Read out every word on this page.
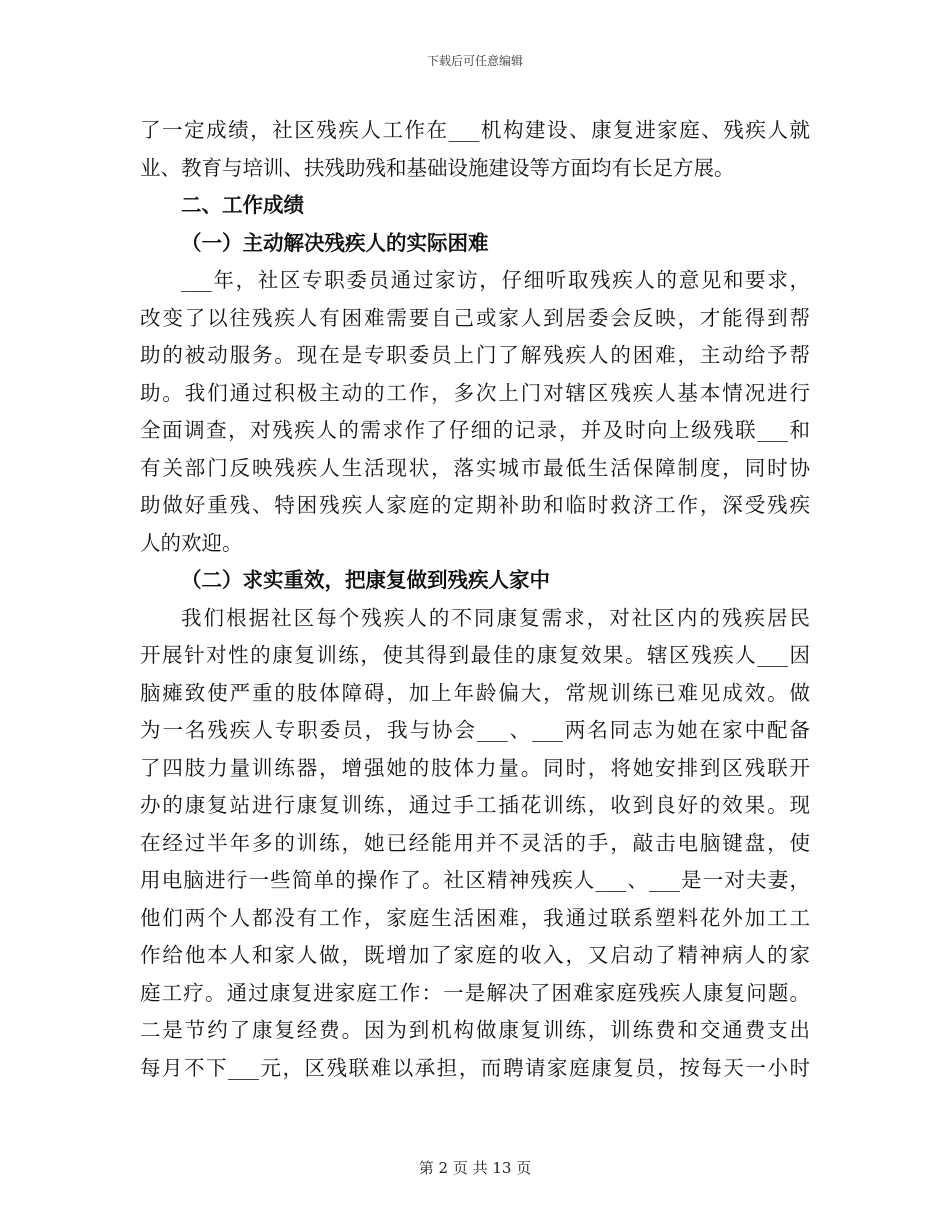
下载后可任意编辑
了一定成绩，社区残疾人工作在___机构建设、康复进家庭、残疾人就
业、教育与培训、扶残助残和基础设施建设等方面均有长足方展。
二、工作成绩
（一）主动解决残疾人的实际困难
___年，社区专职委员通过家访，仔细听取残疾人的意见和要求，
改变了以往残疾人有困难需要自己或家人到居委会反映，才能得到帮
助的被动服务。现在是专职委员上门了解残疾人的困难，主动给予帮
助。我们通过积极主动的工作，多次上门对辖区残疾人基本情况进行
全面调查，对残疾人的需求作了仔细的记录，并及时向上级残联___和
有关部门反映残疾人生活现状，落实城市最低生活保障制度，同时协
助做好重残、特困残疾人家庭的定期补助和临时救济工作，深受残疾
人的欢迎。
（二）求实重效，把康复做到残疾人家中
我们根据社区每个残疾人的不同康复需求，对社区内的残疾居民
开展针对性的康复训练，使其得到最佳的康复效果。辖区残疾人___因
脑瘫致使严重的肢体障碍，加上年龄偏大，常规训练已难见成效。做
为一名残疾人专职委员，我与协会___、___两名同志为她在家中配备
了四肢力量训练器，增强她的肢体力量。同时，将她安排到区残联开
办的康复站进行康复训练，通过手工插花训练，收到良好的效果。现
在经过半年多的训练，她已经能用并不灵活的手，敲击电脑键盘，使
用电脑进行一些简单的操作了。社区精神残疾人___、___是一对夫妻，
他们两个人都没有工作，家庭生活困难，我通过联系塑料花外加工工
作给他本人和家人做，既增加了家庭的收入，又启动了精神病人的家
庭工疗。通过康复进家庭工作：一是解决了困难家庭残疾人康复问题。
二是节约了康复经费。因为到机构做康复训练，训练费和交通费支出
每月不下___元，区残联难以承担，而聘请家庭康复员，按每天一小时
第 2 页 共 13 页
